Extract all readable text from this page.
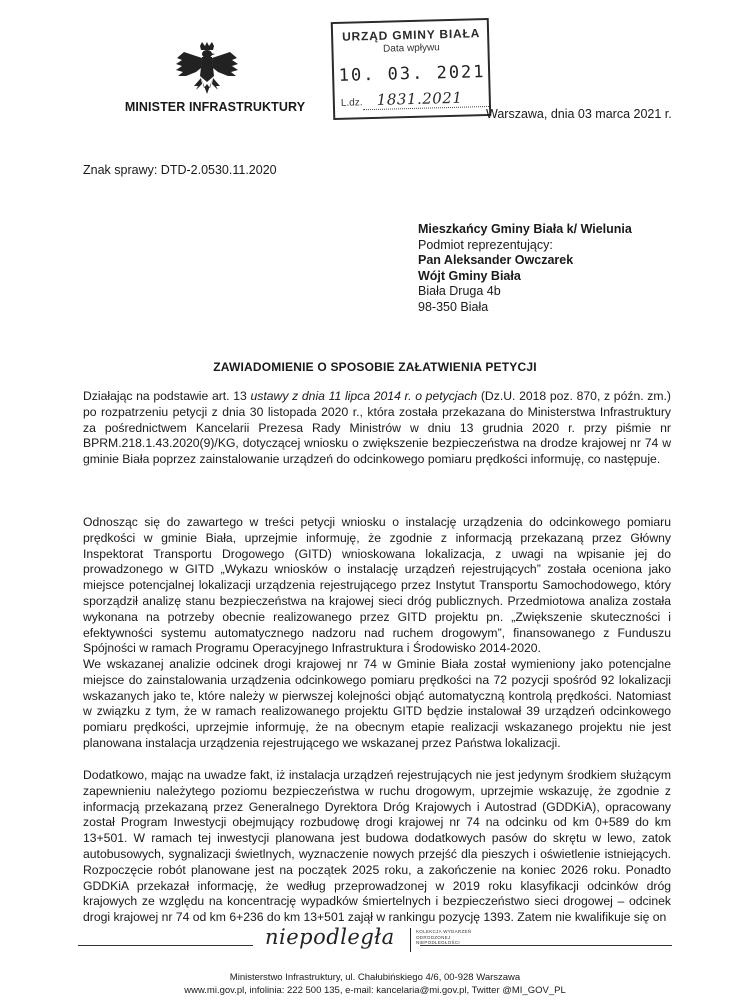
MINISTER INFRASTRUKTURY
URZĄD GMINY BIAŁA
Data wpływu
10. 03. 2021
L.dz. 1831.2021
Warszawa, dnia 03 marca 2021 r.
Znak sprawy: DTD-2.0530.11.2020
Mieszkańcy Gminy Biała k/ Wielunia
Podmiot reprezentujący:
Pan Aleksander Owczarek
Wójt Gminy Biała
Biała Druga 4b
98-350 Biała
ZAWIADOMIENIE O SPOSOBIE ZAŁATWIENIA PETYCJI

Działając na podstawie art. 13 ustawy z dnia 11 lipca 2014 r. o petycjach (Dz.U. 2018 poz. 870, z późn. zm.) po rozpatrzeniu petycji z dnia 30 listopada 2020 r., która została przekazana do Ministerstwa Infrastruktury za pośrednictwem Kancelarii Prezesa Rady Ministrów w dniu 13 grudnia 2020 r. przy piśmie nr BPRM.218.1.43.2020(9)/KG, dotyczącej wniosku o zwiększenie bezpieczeństwa na drodze krajowej nr 74 w gminie Biała poprzez zainstalowanie urządzeń do odcinkowego pomiaru prędkości informuję, co następuje.

Odnosząc się do zawartego w treści petycji wniosku o instalację urządzenia do odcinkowego pomiaru prędkości w gminie Biała, uprzejmie informuję, że zgodnie z informacją przekazaną przez Główny Inspektorat Transportu Drogowego (GITD) wnioskowana lokalizacja, z uwagi na wpisanie jej do prowadzonego w GITD „Wykazu wniosków o instalację urządzeń rejestrujących” została oceniona jako miejsce potencjalnej lokalizacji urządzenia rejestrującego przez Instytut Transportu Samochodowego, który sporządził analizę stanu bezpieczeństwa na krajowej sieci dróg publicznych. Przedmiotowa analiza została wykonana na potrzeby obecnie realizowanego przez GITD projektu pn. „Zwiększenie skuteczności i efektywności systemu automatycznego nadzoru nad ruchem drogowym”, finansowanego z Funduszu Spójności w ramach Programu Operacyjnego Infrastruktura i Środowisko 2014-2020.

We wskazanej analizie odcinek drogi krajowej nr 74 w Gminie Biała został wymieniony jako potencjalne miejsce do zainstalowania urządzenia odcinkowego pomiaru prędkości na 72 pozycji spośród 92 lokalizacji wskazanych jako te, które należy w pierwszej kolejności objąć automatyczną kontrolą prędkości. Natomiast w związku z tym, że w ramach realizowanego projektu GITD będzie instalował 39 urządzeń odcinkowego pomiaru prędkości, uprzejmie informuję, że na obecnym etapie realizacji wskazanego projektu nie jest planowana instalacja urządzenia rejestrującego we wskazanej przez Państwa lokalizacji.

Dodatkowo, mając na uwadze fakt, iż instalacja urządzeń rejestrujących nie jest jedynym środkiem służącym zapewnieniu należytego poziomu bezpieczeństwa w ruchu drogowym, uprzejmie wskazuję, że zgodnie z informacją przekazaną przez Generalnego Dyrektora Dróg Krajowych i Autostrad (GDDKiA), opracowany został Program Inwestycji obejmujący rozbudowę drogi krajowej nr 74 na odcinku od km 0+589 do km 13+501. W ramach tej inwestycji planowana jest budowa dodatkowych pasów do skrętu w lewo, zatok autobusowych, sygnalizacji świetlnych, wyznaczenie nowych przejść dla pieszych i oświetlenie istniejących. Rozpoczęcie robót planowane jest na początek 2025 roku, a zakończenie na koniec 2026 roku. Ponadto GDDKiA przekazał informację, że według przeprowadzonej w 2019 roku klasyfikacji odcinków dróg krajowych ze względu na koncentrację wypadków śmiertelnych i bezpieczeństwo sieci drogowej – odcinek drogi krajowej nr 74 od km 6+236 do km 13+501 zajął w rankingu pozycję 1393. Zatem nie kwalifikuje się on

niepodległa	KOLEKCJA WYDARZEŃ ODRODZONEJ NIEPODLEGŁOŚCI
Ministerstwo Infrastruktury, ul. Chałubińskiego 4/6, 00-928 Warszawa
www.mi.gov.pl, infolinia: 222 500 135, e-mail: kancelaria@mi.gov.pl, Twitter @MI_GOV_PL
